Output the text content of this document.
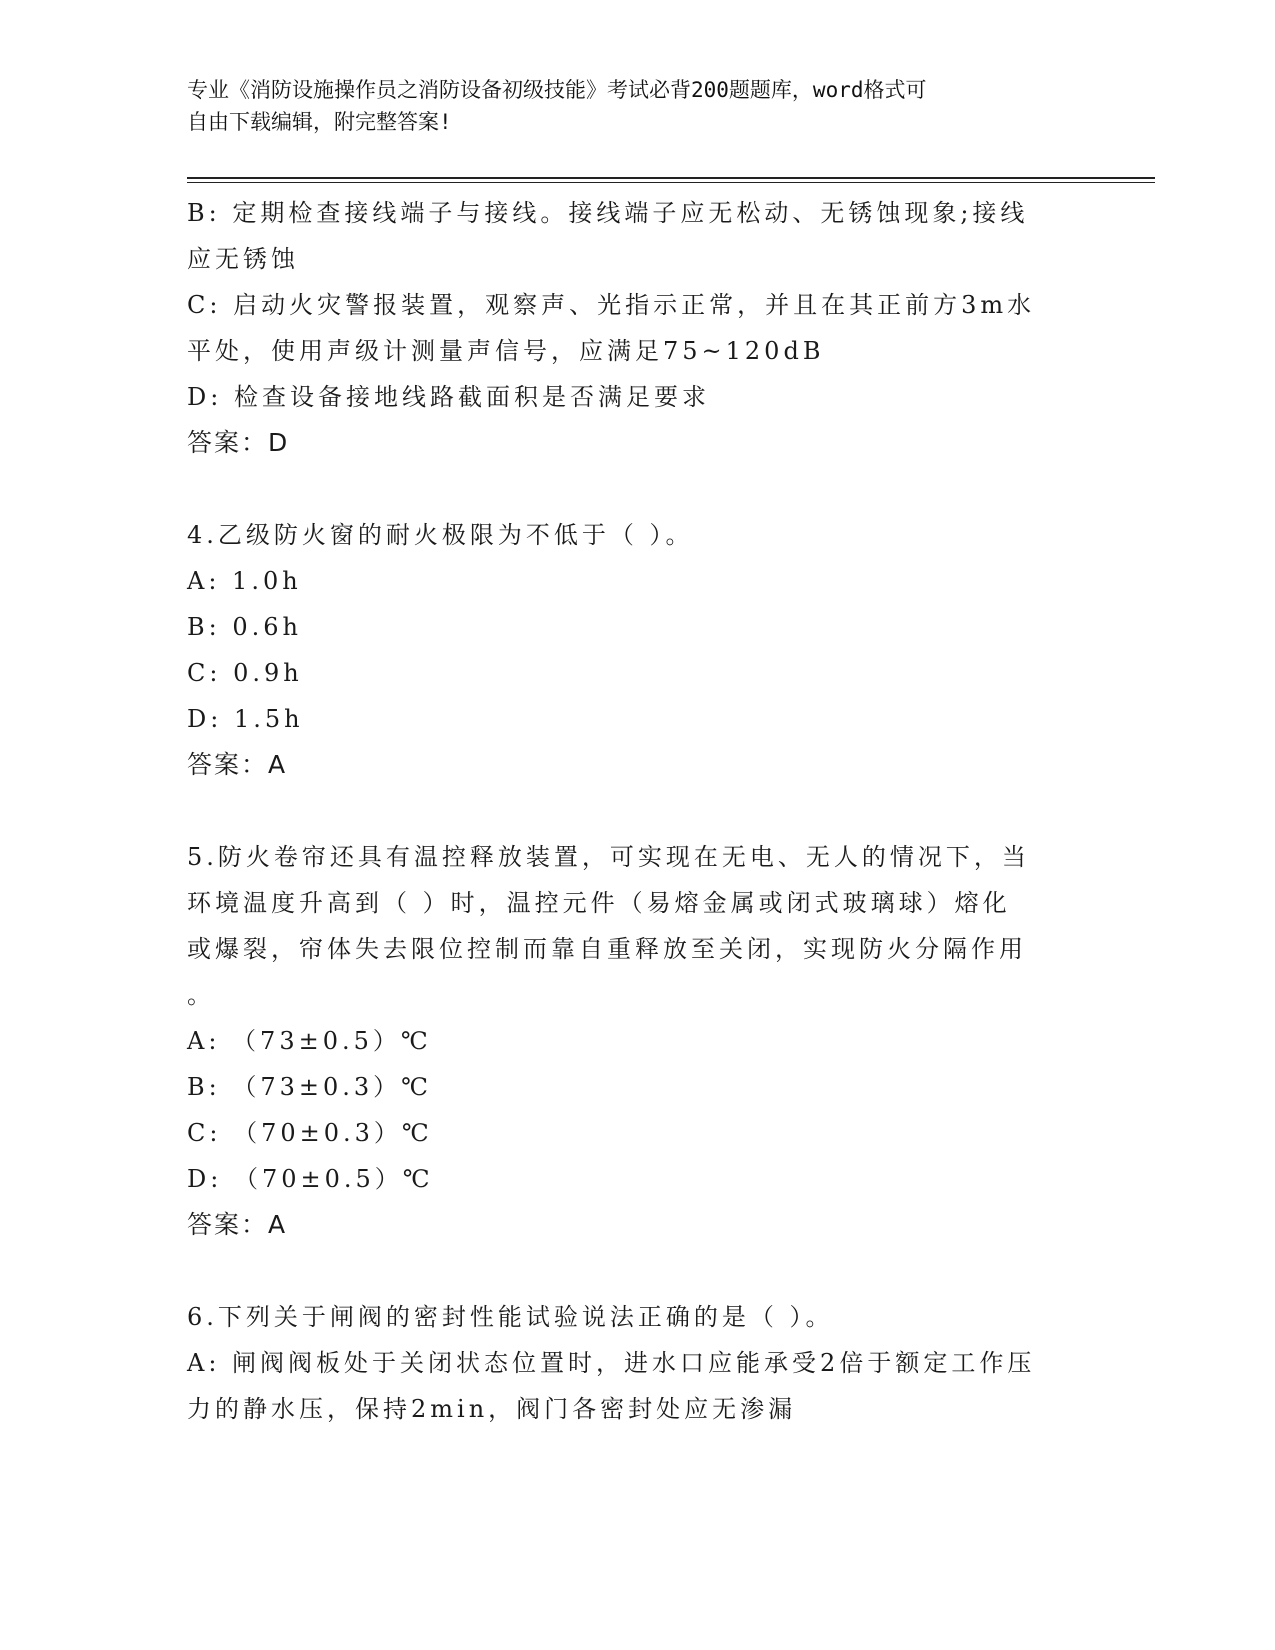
专业《消防设施操作员之消防设备初级技能》考试必背200题题库，word格式可
自由下载编辑，附完整答案!
B: 定期检查接线端子与接线。接线端子应无松动、无锈蚀现象;接线
应无锈蚀
C: 启动火灾警报装置，观察声、光指示正常，并且在其正前方3m水
平处，使用声级计测量声信号，应满足75~120dB
D: 检查设备接地线路截面积是否满足要求
答案：D
4.乙级防火窗的耐火极限为不低于（ ）。
A: 1.0h
B: 0.6h
C: 0.9h
D: 1.5h
答案：A
5.防火卷帘还具有温控释放装置，可实现在无电、无人的情况下，当
环境温度升高到（ ）时，温控元件（易熔金属或闭式玻璃球）熔化
或爆裂，帘体失去限位控制而靠自重释放至关闭，实现防火分隔作用
。
A: （73±0.5）℃
B: （73±0.3）℃
C: （70±0.3）℃
D: （70±0.5）℃
答案：A
6.下列关于闸阀的密封性能试验说法正确的是（ ）。
A: 闸阀阀板处于关闭状态位置时，进水口应能承受2倍于额定工作压
力的静水压，保持2min，阀门各密封处应无渗漏
